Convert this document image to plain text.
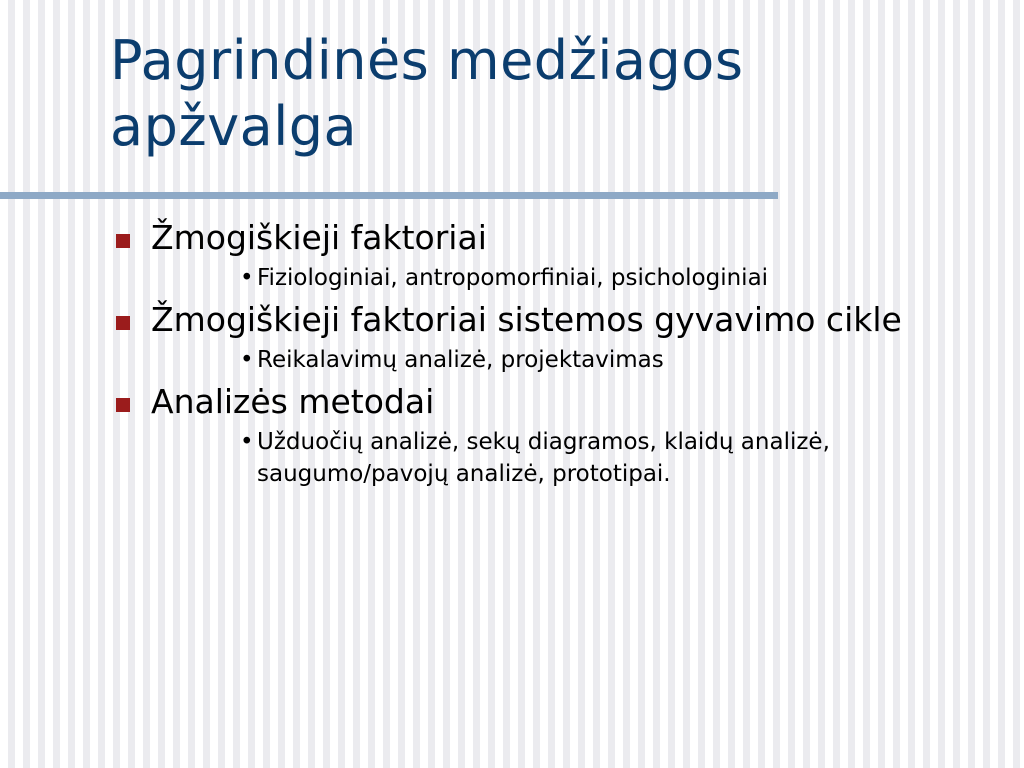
Pagrindinės medžiagos apžvalga
Žmogiškieji faktoriai
• Fiziologiniai, antropomorfiniai, psichologiniai
Žmogiškieji faktoriai sistemos gyvavimo cikle
• Reikalavimų analizė, projektavimas
Analizės metodai
• Užduočių analizė, sekų diagramos, klaidų analizė, saugumo/pavojų analizė, prototipai.
